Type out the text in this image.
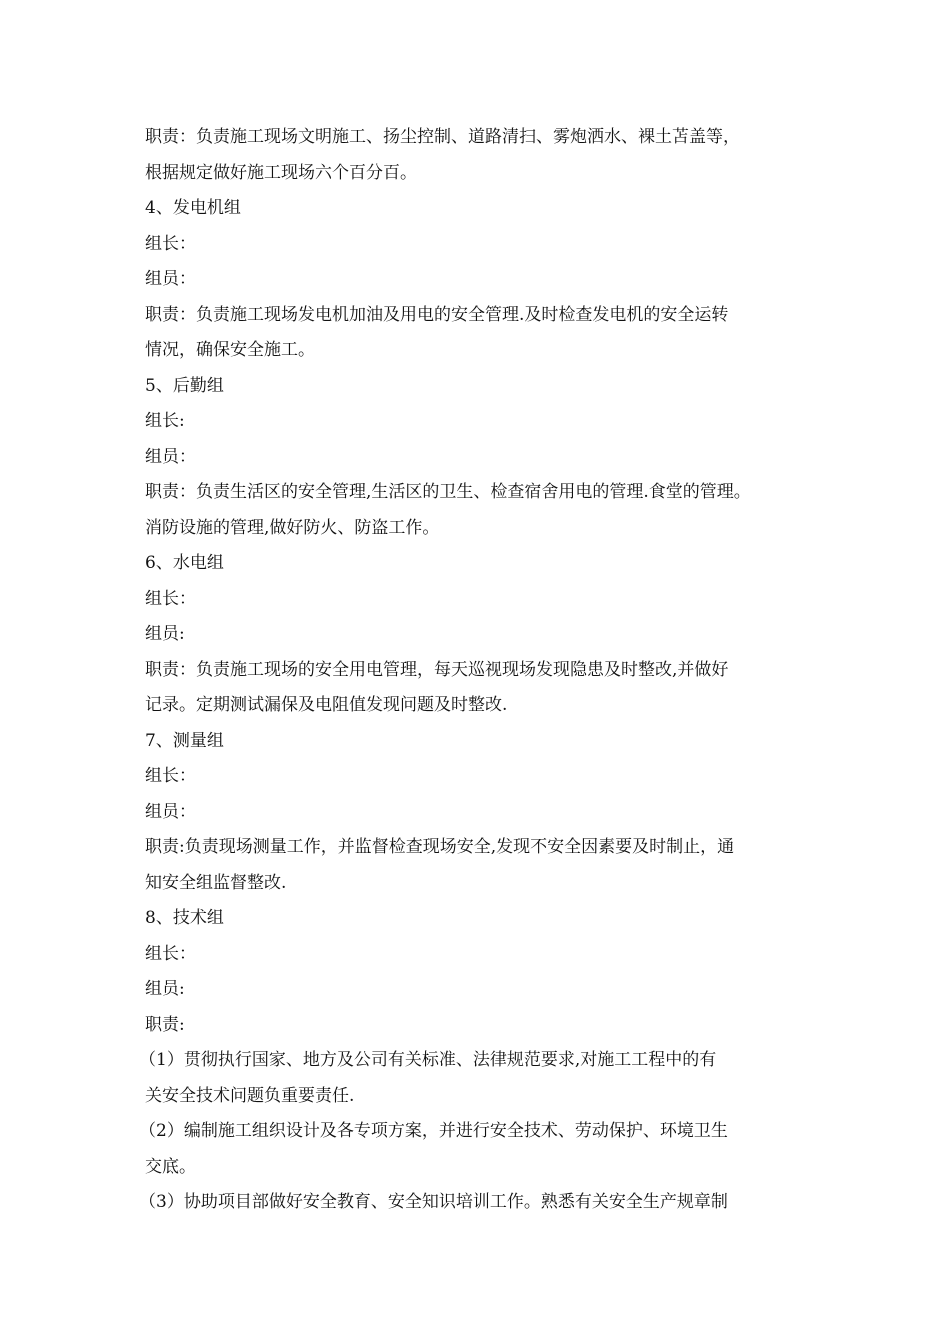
职责：负责施工现场文明施工、扬尘控制、道路清扫、雾炮洒水、裸土苫盖等，
根据规定做好施工现场六个百分百。
4、发电机组
组长：
组员：
职责：负责施工现场发电机加油及用电的安全管理.及时检查发电机的安全运转
情况，确保安全施工。
5、后勤组
组长:
组员：
职责：负责生活区的安全管理,生活区的卫生、检查宿舍用电的管理.食堂的管理。
消防设施的管理,做好防火、防盗工作。
6、水电组
组长：
组员:
职责：负责施工现场的安全用电管理，每天巡视现场发现隐患及时整改,并做好
记录。定期测试漏保及电阻值发现问题及时整改.
7、测量组
组长：
组员：
职责:负责现场测量工作，并监督检查现场安全,发现不安全因素要及时制止，通
知安全组监督整改.
8、技术组
组长：
组员:
职责:
（1）贯彻执行国家、地方及公司有关标准、法律规范要求,对施工工程中的有
关安全技术问题负重要责任.
（2）编制施工组织设计及各专项方案，并进行安全技术、劳动保护、环境卫生
交底。
（3）协助项目部做好安全教育、安全知识培训工作。熟悉有关安全生产规章制
